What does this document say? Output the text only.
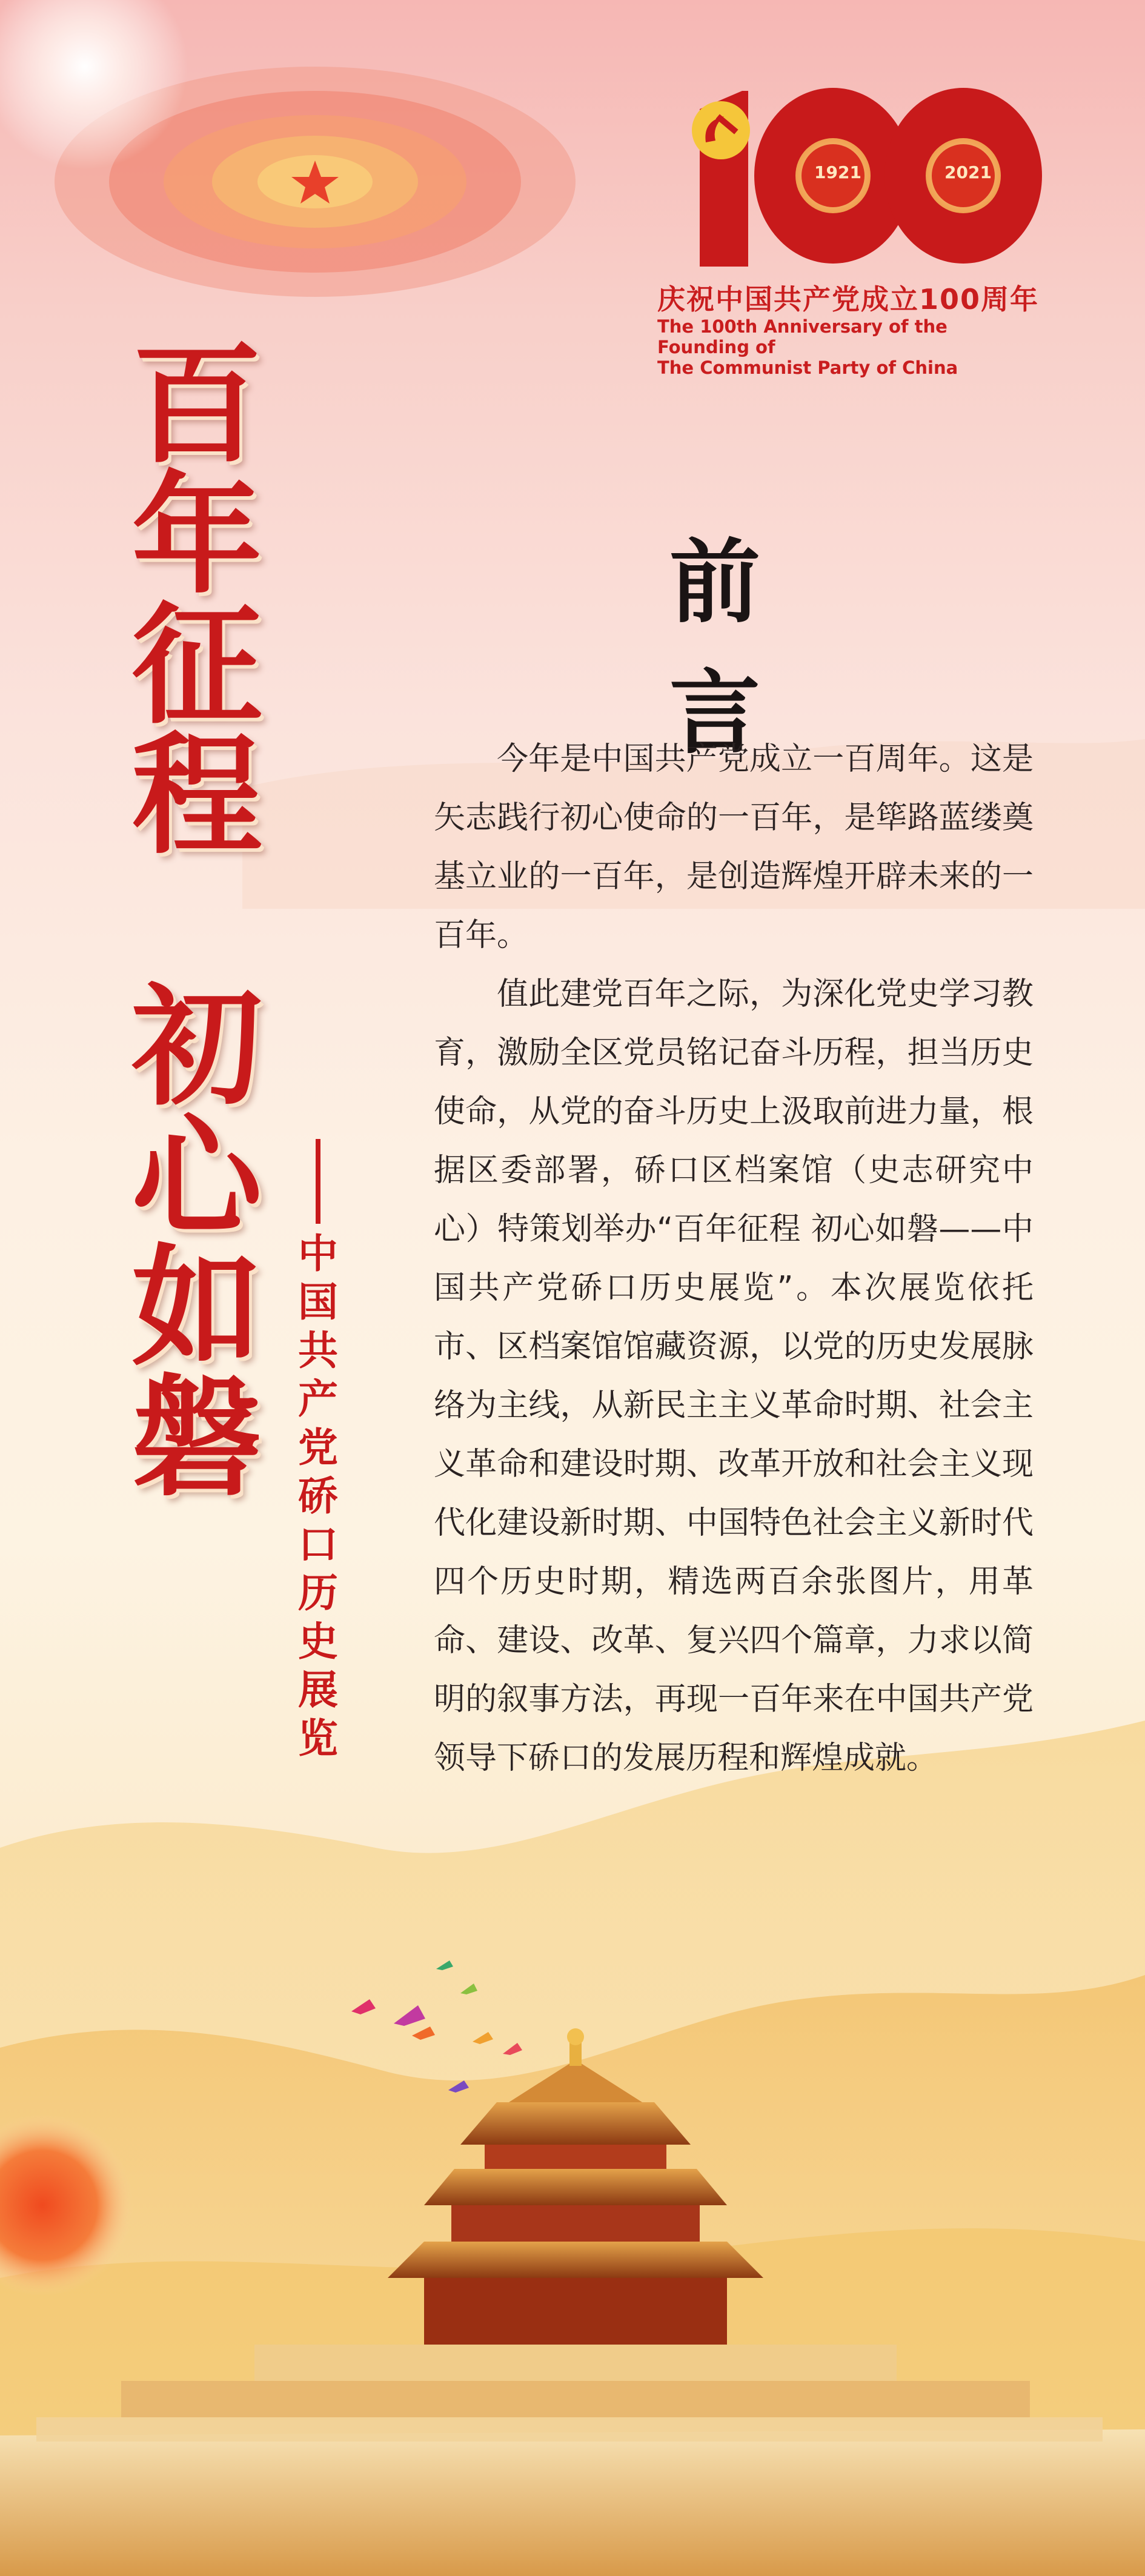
1921	2021
庆祝中国共产党成立100周年
The 100th Anniversary of the Founding of
The Communist Party of China
百
年
征
程
初
心
如
磐
中
国
共
产
党
硚
口
历
史
展
览
前 言

今年是中国共产党成立一百周年。这是矢志践行初心使命的一百年，是筚路蓝缕奠基立业的一百年，是创造辉煌开辟未来的一百年。

值此建党百年之际，为深化党史学习教育，激励全区党员铭记奋斗历程，担当历史使命，从党的奋斗历史上汲取前进力量，根据区委部署，硚口区档案馆（史志研究中心）特策划举办“百年征程 初心如磐——中国共产党硚口历史展览”。本次展览依托市、区档案馆馆藏资源，以党的历史发展脉络为主线，从新民主主义革命时期、社会主义革命和建设时期、改革开放和社会主义现代化建设新时期、中国特色社会主义新时代四个历史时期，精选两百余张图片，用革命、建设、改革、复兴四个篇章，力求以简明的叙事方法，再现一百年来在中国共产党领导下硚口的发展历程和辉煌成就。
